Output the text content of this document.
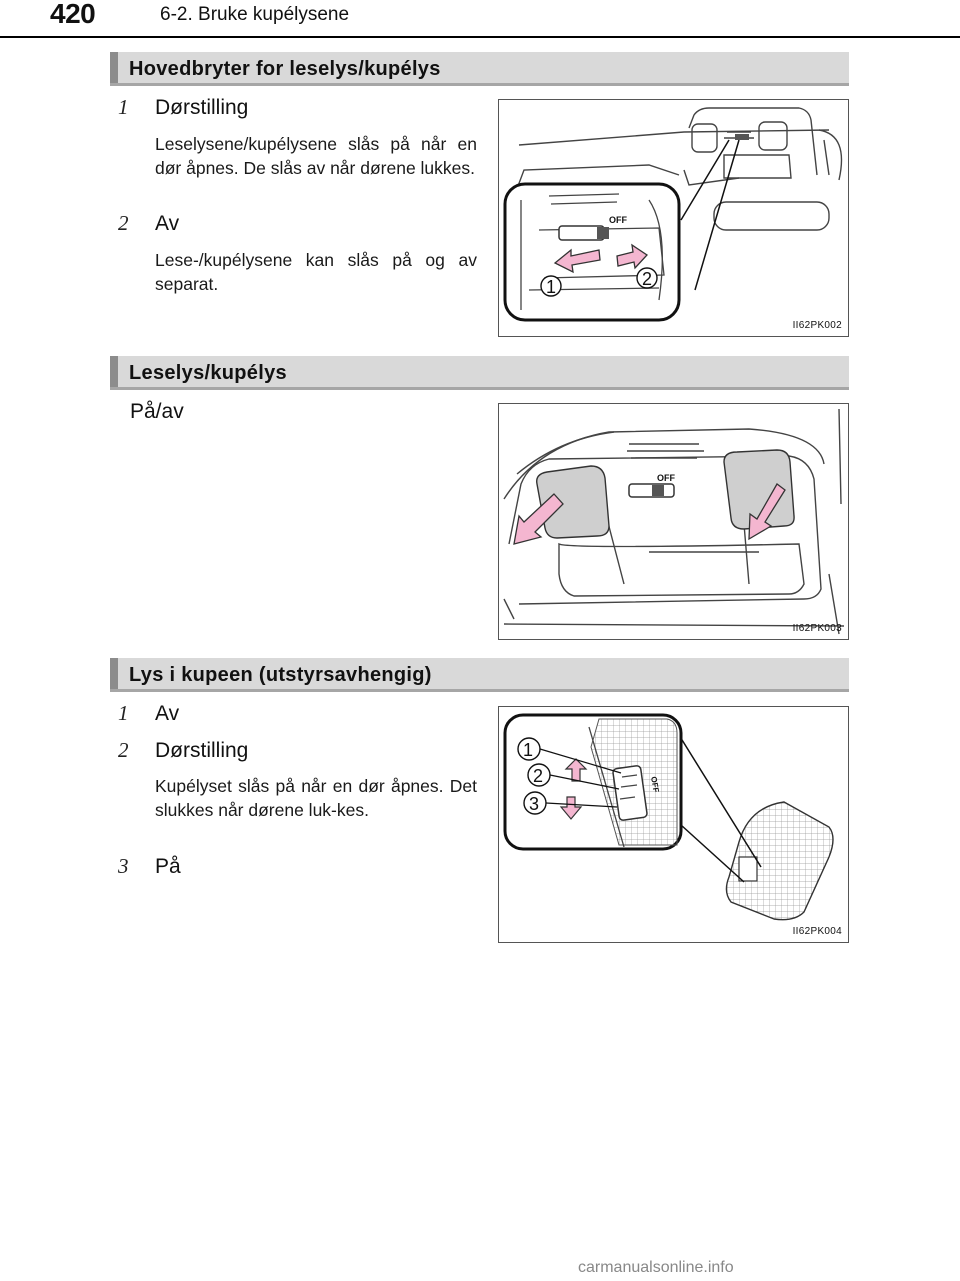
420	6-2. Bruke kupélysene
Hovedbryter for leselys/kupélys
1 Dørstilling
Leselysene/kupélysene slås på når en dør åpnes. De slås av når dørene lukkes.
2 Av
Lese-/kupélysene kan slås på og av separat.
OFF
1	2
II62PK002
Leselys/kupélys
På/av
OFF
II62PK003
Lys i kupeen (utstyrsavhengig)
1 Av
2 Dørstilling
Kupélyset slås på når en dør åpnes. Det slukkes når dørene luk-kes.
3 På
OFF
1
2
3
II62PK004
carmanualsonline.info
